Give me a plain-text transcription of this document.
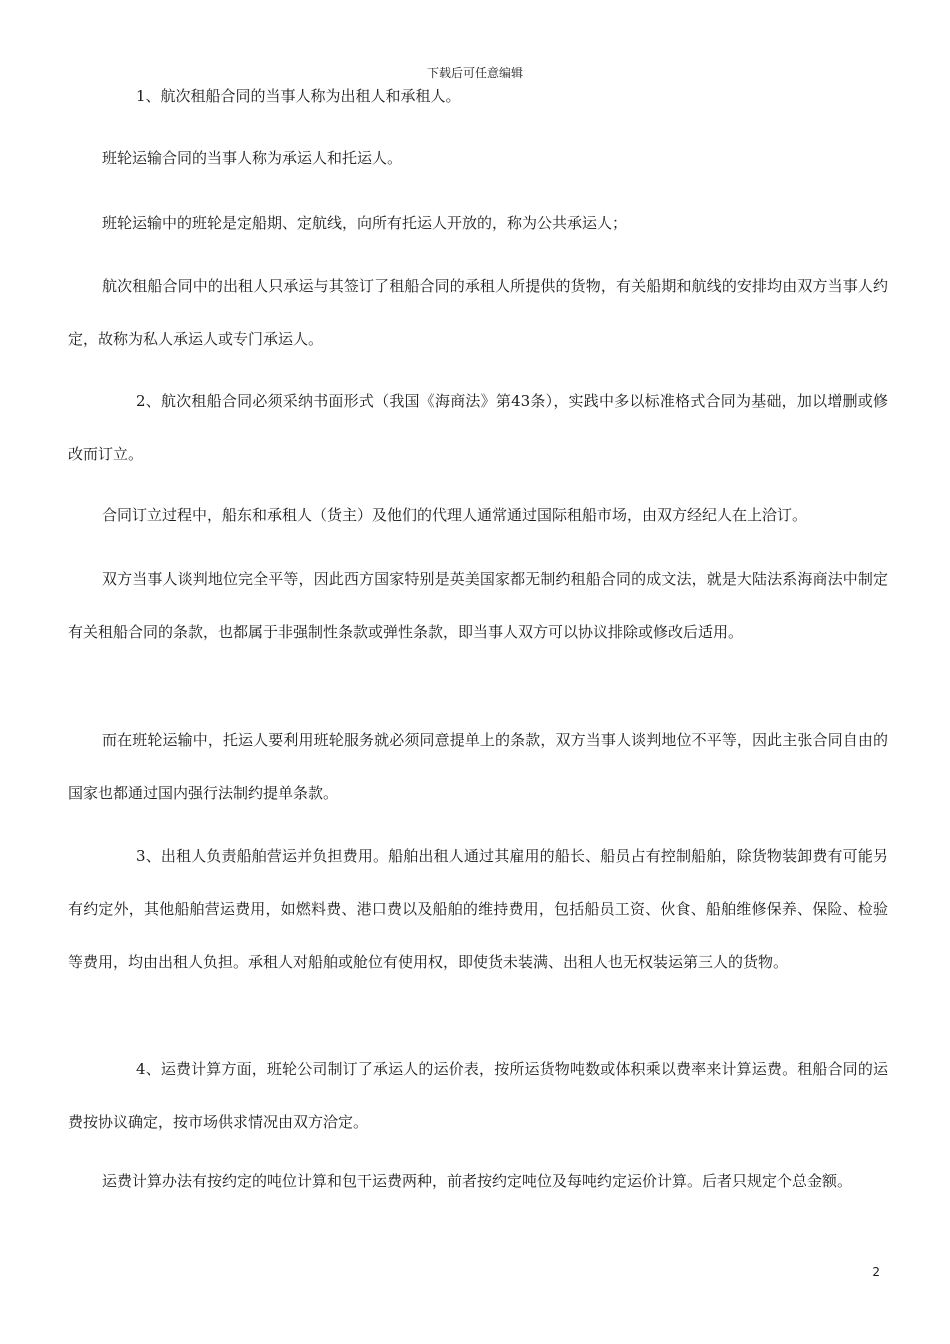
下载后可任意编辑

1、航次租船合同的当事人称为出租人和承租人。

班轮运输合同的当事人称为承运人和托运人。

班轮运输中的班轮是定船期、定航线，向所有托运人开放的，称为公共承运人；

航次租船合同中的出租人只承运与其签订了租船合同的承租人所提供的货物，有关船期和航线的安排均由双方当事人约定，故称为私人承运人或专门承运人。

2、航次租船合同必须采纳书面形式（我国《海商法》第43条），实践中多以标准格式合同为基础，加以增删或修改而订立。

合同订立过程中，船东和承租人（货主）及他们的代理人通常通过国际租船市场，由双方经纪人在上洽订。

双方当事人谈判地位完全平等，因此西方国家特别是英美国家都无制约租船合同的成文法，就是大陆法系海商法中制定有关租船合同的条款，也都属于非强制性条款或弹性条款，即当事人双方可以协议排除或修改后适用。

而在班轮运输中，托运人要利用班轮服务就必须同意提单上的条款，双方当事人谈判地位不平等，因此主张合同自由的国家也都通过国内强行法制约提单条款。

3、出租人负责船舶营运并负担费用。船舶出租人通过其雇用的船长、船员占有控制船舶，除货物装卸费有可能另有约定外，其他船舶营运费用，如燃料费、港口费以及船舶的维持费用，包括船员工资、伙食、船舶维修保养、保险、检验等费用，均由出租人负担。承租人对船舶或舱位有使用权，即使货未装满、出租人也无权装运第三人的货物。

4、运费计算方面，班轮公司制订了承运人的运价表，按所运货物吨数或体积乘以费率来计算运费。租船合同的运费按协议确定，按市场供求情况由双方洽定。

运费计算办法有按约定的吨位计算和包干运费两种，前者按约定吨位及每吨约定运价计算。后者只规定个总金额。

2
